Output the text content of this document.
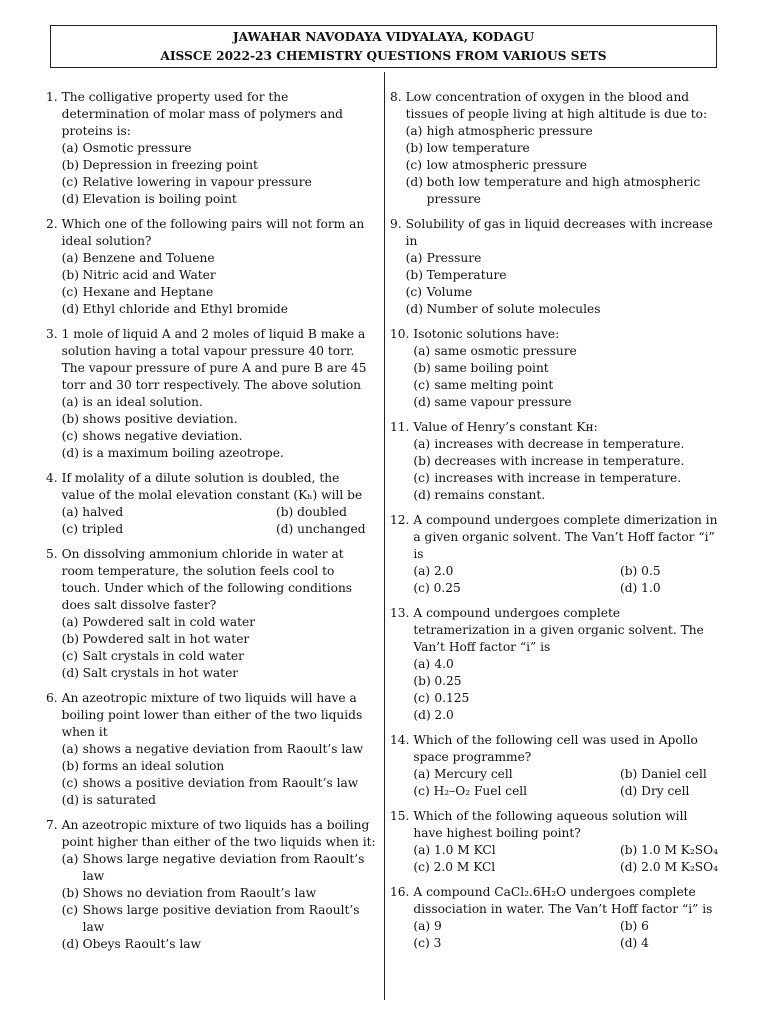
JAWAHAR NAVODAYA VIDYALAYA, KODAGU
AISSCE 2022-23 CHEMISTRY QUESTIONS FROM VARIOUS SETS
1. The colligative property used for the determination of molar mass of polymers and proteins is:
(a) Osmotic pressure
(b) Depression in freezing point
(c) Relative lowering in vapour pressure
(d) Elevation is boiling point
2. Which one of the following pairs will not form an ideal solution?
(a) Benzene and Toluene
(b) Nitric acid and Water
(c) Hexane and Heptane
(d) Ethyl chloride and Ethyl bromide
3. 1 mole of liquid A and 2 moles of liquid B make a solution having a total vapour pressure 40 torr. The vapour pressure of pure A and pure B are 45 torr and 30 torr respectively. The above solution
(a) is an ideal solution.
(b) shows positive deviation.
(c) shows negative deviation.
(d) is a maximum boiling azeotrope.
4. If molality of a dilute solution is doubled, the value of the molal elevation constant (Kₕ) will be
(a) halved	(b) doubled
(c) tripled	(d) unchanged
5. On dissolving ammonium chloride in water at room temperature, the solution feels cool to touch. Under which of the following conditions does salt dissolve faster?
(a) Powdered salt in cold water
(b) Powdered salt in hot water
(c) Salt crystals in cold water
(d) Salt crystals in hot water
6. An azeotropic mixture of two liquids will have a boiling point lower than either of the two liquids when it
(a) shows a negative deviation from Raoult’s law
(b) forms an ideal solution
(c) shows a positive deviation from Raoult’s law
(d) is saturated
7. An azeotropic mixture of two liquids has a boiling point higher than either of the two liquids when it:
(a) Shows large negative deviation from Raoult’s law
(b) Shows no deviation from Raoult’s law
(c) Shows large positive deviation from Raoult’s law
(d) Obeys Raoult’s law
8. Low concentration of oxygen in the blood and tissues of people living at high altitude is due to:
(a) high atmospheric pressure
(b) low temperature
(c) low atmospheric pressure
(d) both low temperature and high atmospheric pressure
9. Solubility of gas in liquid decreases with increase in
(a) Pressure
(b) Temperature
(c) Volume
(d) Number of solute molecules
10. Isotonic solutions have:
(a) same osmotic pressure
(b) same boiling point
(c) same melting point
(d) same vapour pressure
11. Value of Henry’s constant Kʜ:
(a) increases with decrease in temperature.
(b) decreases with increase in temperature.
(c) increases with increase in temperature.
(d) remains constant.
12. A compound undergoes complete dimerization in a given organic solvent. The Van’t Hoff factor “i” is
(a) 2.0	(b) 0.5
(c) 0.25	(d) 1.0
13. A compound undergoes complete tetramerization in a given organic solvent. The Van’t Hoff factor “i” is
(a) 4.0
(b) 0.25
(c) 0.125
(d) 2.0
14. Which of the following cell was used in Apollo space programme?
(a) Mercury cell	(b) Daniel cell
(c) H₂–O₂ Fuel cell	(d) Dry cell
15. Which of the following aqueous solution will have highest boiling point?
(a) 1.0 M KCl	(b) 1.0 M K₂SO₄
(c) 2.0 M KCl	(d) 2.0 M K₂SO₄
16. A compound CaCl₂.6H₂O undergoes complete dissociation in water. The Van’t Hoff factor “i” is
(a) 9	(b) 6
(c) 3	(d) 4
